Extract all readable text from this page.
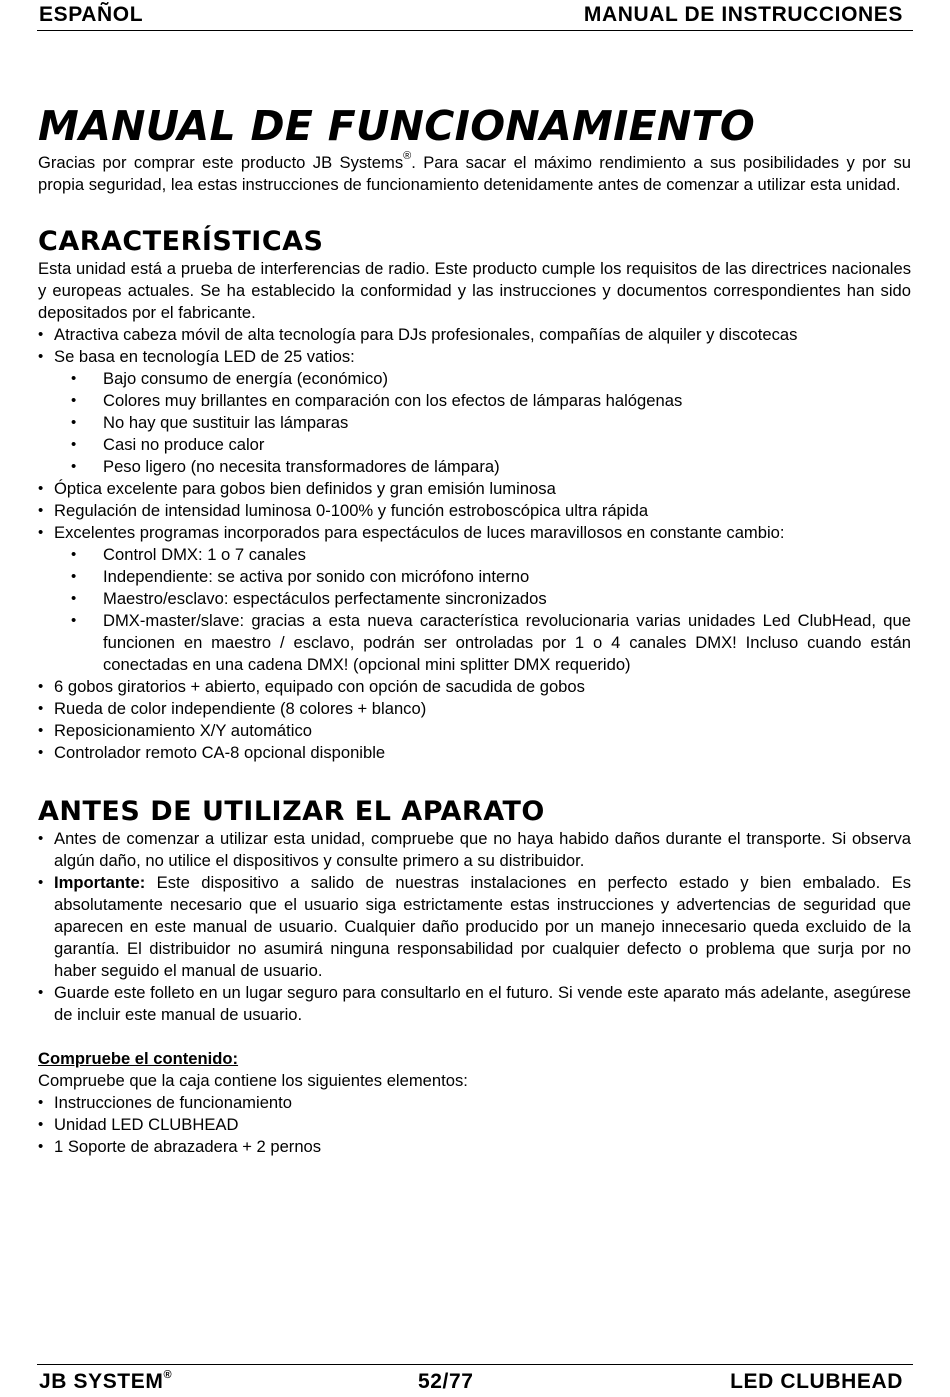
ESPAÑOL	MANUAL DE INSTRUCCIONES
MANUAL DE FUNCIONAMIENTO

Gracias por comprar este producto JB Systems®. Para sacar el máximo rendimiento a sus posibilidades y por su propia seguridad, lea estas instrucciones de funcionamiento detenidamente antes de comenzar a utilizar esta unidad.

CARACTERÍSTICAS

Esta unidad está a prueba de interferencias de radio. Este producto cumple los requisitos de las directrices nacionales y europeas actuales. Se ha establecido la conformidad y las instrucciones y documentos correspondientes han sido depositados por el fabricante.

• Atractiva cabeza móvil de alta tecnología para DJs profesionales, compañías de alquiler y discotecas
• Se basa en tecnología LED de 25 vatios:
• Bajo consumo de energía (económico)
• Colores muy brillantes en comparación con los efectos de lámparas halógenas
• No hay que sustituir las lámparas
• Casi no produce calor
• Peso ligero (no necesita transformadores de lámpara)
• Óptica excelente para gobos bien definidos y gran emisión luminosa
• Regulación de intensidad luminosa 0-100% y función estroboscópica ultra rápida
• Excelentes programas incorporados para espectáculos de luces maravillosos en constante cambio:
• Control DMX: 1 o 7 canales
• Independiente: se activa por sonido con micrófono interno
• Maestro/esclavo: espectáculos perfectamente sincronizados
• DMX-master/slave: gracias a esta nueva característica revolucionaria varias unidades Led ClubHead, que funcionen en maestro / esclavo, podrán ser ontroladas por 1 o 4 canales DMX! Incluso cuando están conectadas en una cadena DMX! (opcional mini splitter DMX requerido)
• 6 gobos giratorios + abierto, equipado con opción de sacudida de gobos
• Rueda de color independiente (8 colores + blanco)
• Reposicionamiento X/Y automático
• Controlador remoto CA-8 opcional disponible
ANTES DE UTILIZAR EL APARATO
• Antes de comenzar a utilizar esta unidad, compruebe que no haya habido daños durante el transporte. Si observa algún daño, no utilice el dispositivos y consulte primero a su distribuidor.
• Importante: Este dispositivo a salido de nuestras instalaciones en perfecto estado y bien embalado. Es absolutamente necesario que el usuario siga estrictamente estas instrucciones y advertencias de seguridad que aparecen en este manual de usuario. Cualquier daño producido por un manejo innecesario queda excluido de la garantía. El distribuidor no asumirá ninguna responsabilidad por cualquier defecto o problema que surja por no haber seguido el manual de usuario.
• Guarde este folleto en un lugar seguro para consultarlo en el futuro. Si vende este aparato más adelante, asegúrese de incluir este manual de usuario.

Compruebe el contenido:

Compruebe que la caja contiene los siguientes elementos:

• Instrucciones de funcionamiento
• Unidad LED CLUBHEAD
• 1 Soporte de abrazadera + 2 pernos
JB SYSTEM®	52/77	LED CLUBHEAD
